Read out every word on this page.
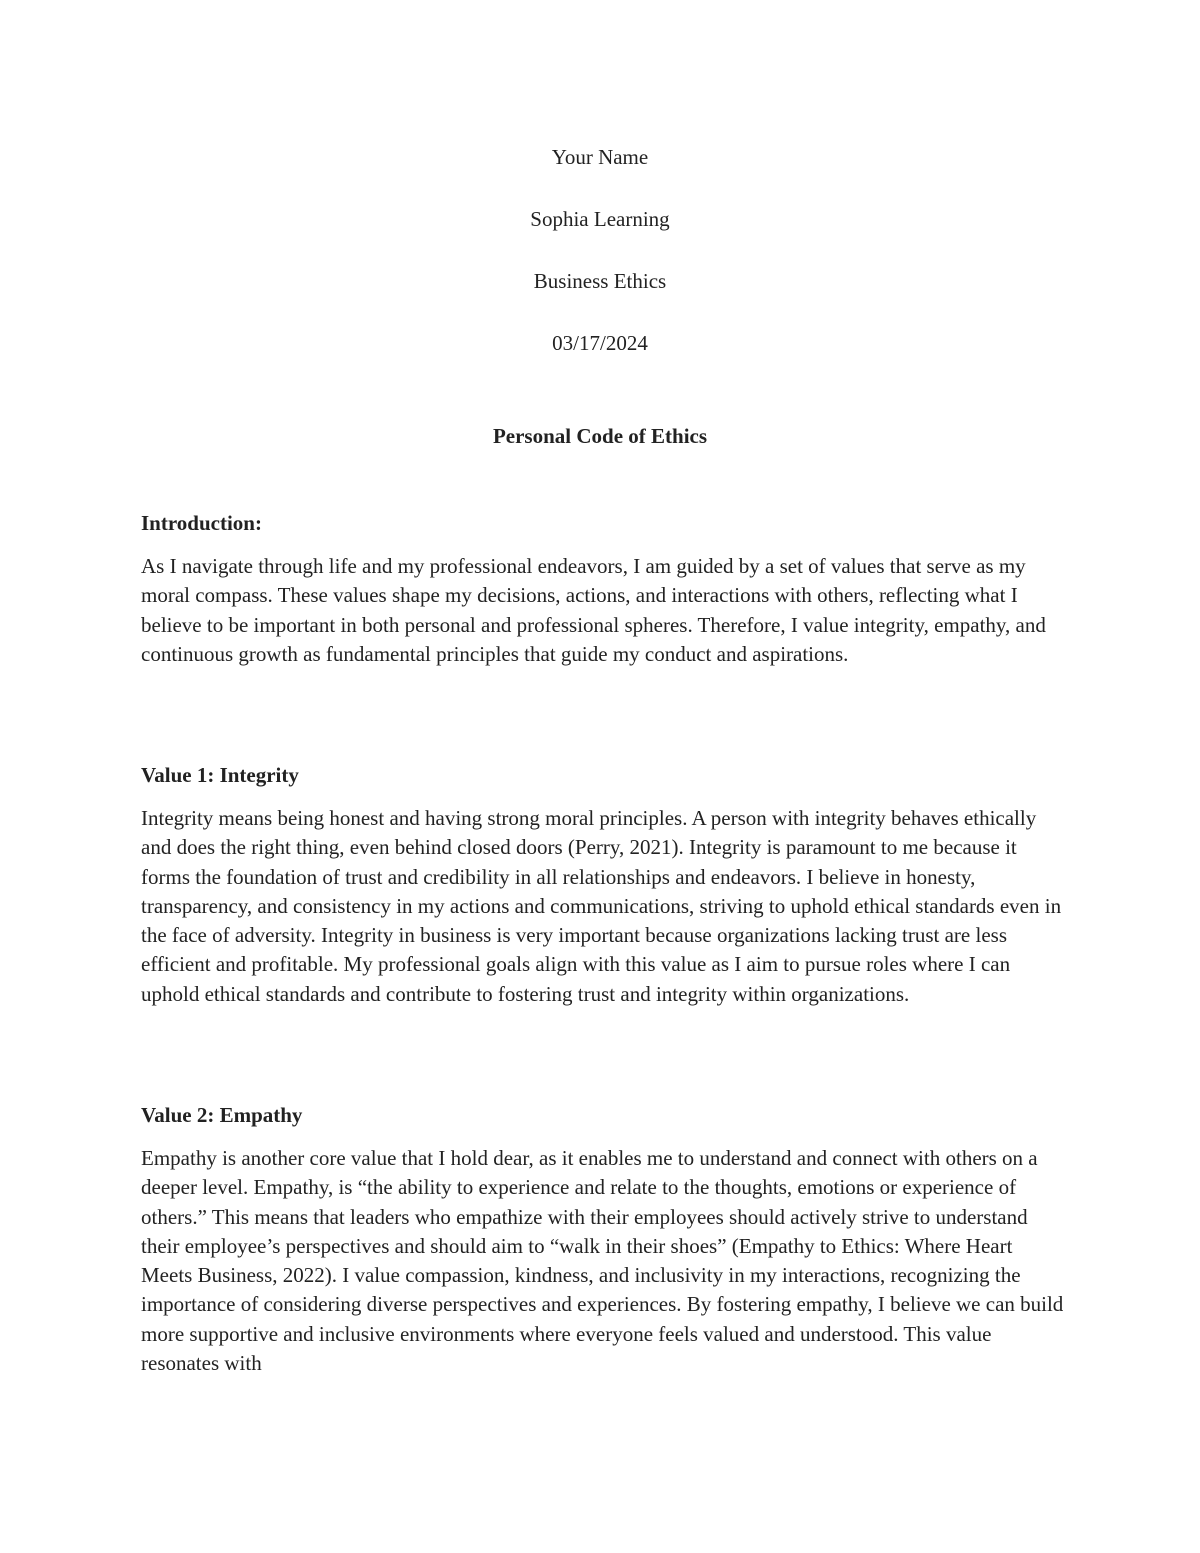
Your Name
Sophia Learning
Business Ethics
03/17/2024
Personal Code of Ethics

Introduction:

As I navigate through life and my professional endeavors, I am guided by a set of values that serve as my moral compass. These values shape my decisions, actions, and interactions with others, reflecting what I believe to be important in both personal and professional spheres. Therefore, I value integrity, empathy, and continuous growth as fundamental principles that guide my conduct and aspirations.

Value 1: Integrity

Integrity means being honest and having strong moral principles. A person with integrity behaves ethically and does the right thing, even behind closed doors (Perry, 2021). Integrity is paramount to me because it forms the foundation of trust and credibility in all relationships and endeavors. I believe in honesty, transparency, and consistency in my actions and communications, striving to uphold ethical standards even in the face of adversity. Integrity in business is very important because organizations lacking trust are less efficient and profitable. My professional goals align with this value as I aim to pursue roles where I can uphold ethical standards and contribute to fostering trust and integrity within organizations.

Value 2: Empathy

Empathy is another core value that I hold dear, as it enables me to understand and connect with others on a deeper level. Empathy, is “the ability to experience and relate to the thoughts, emotions or experience of others.” This means that leaders who empathize with their employees should actively strive to understand their employee’s perspectives and should aim to “walk in their shoes” (Empathy to Ethics: Where Heart Meets Business, 2022). I value compassion, kindness, and inclusivity in my interactions, recognizing the importance of considering diverse perspectives and experiences. By fostering empathy, I believe we can build more supportive and inclusive environments where everyone feels valued and understood. This value resonates with
